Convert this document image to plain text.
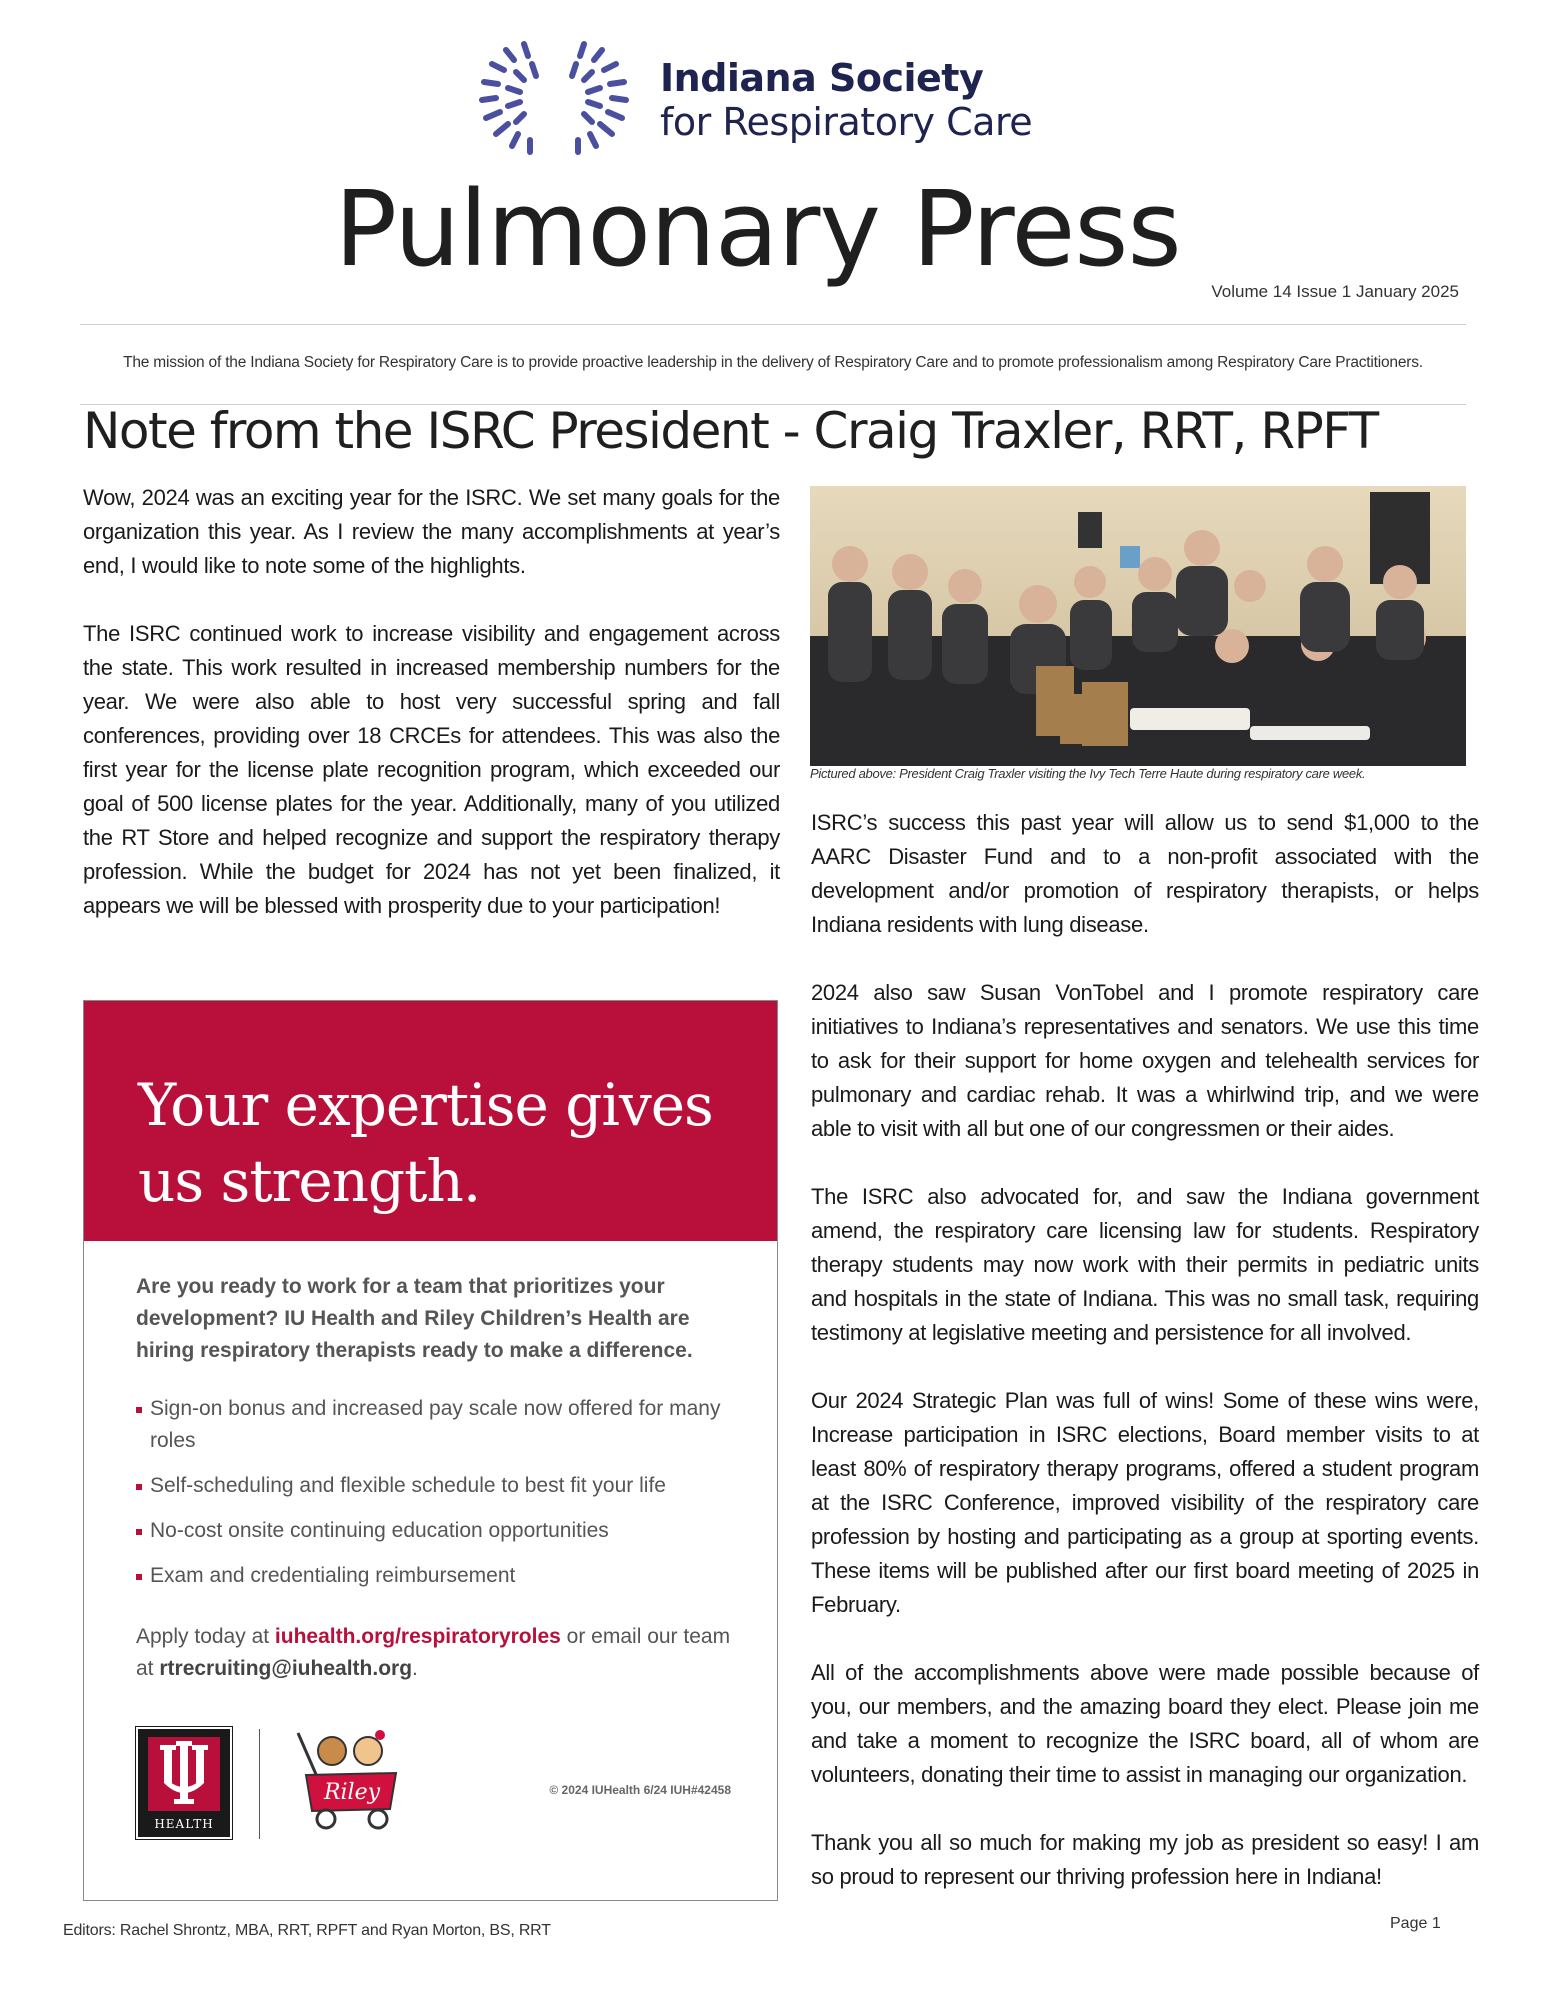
Indiana Society
for Respiratory Care
Pulmonary Press
Volume 14 Issue 1 January 2025
The mission of the Indiana Society for Respiratory Care is to provide proactive leadership in the delivery of Respiratory Care and to promote professionalism among Respiratory Care Practitioners.
Note from the ISRC President - Craig Traxler, RRT, RPFT

Wow, 2024 was an exciting year for the ISRC. We set many goals for the organization this year. As I review the many accomplishments at year’s end, I would like to note some of the highlights.

The ISRC continued work to increase visibility and engagement across the state. This work resulted in increased membership numbers for the year. We were also able to host very successful spring and fall conferences, providing over 18 CRCEs for attendees. This was also the first year for the license plate recognition program, which exceeded our goal of 500 license plates for the year. Additionally, many of you utilized the RT Store and helped recognize and support the respiratory therapy profession. While the budget for 2024 has not yet been finalized, it appears we will be blessed with prosperity due to your participation!

Pictured above: President Craig Traxler visiting the Ivy Tech Terre Haute during respiratory care week.

ISRC’s success this past year will allow us to send $1,000 to the AARC Disaster Fund and to a non-profit associated with the development and/or promotion of respiratory therapists, or helps Indiana residents with lung disease.

2024 also saw Susan VonTobel and I promote respiratory care initiatives to Indiana’s representatives and senators. We use this time to ask for their support for home oxygen and telehealth services for pulmonary and cardiac rehab. It was a whirlwind trip, and we were able to visit with all but one of our congressmen or their aides.

The ISRC also advocated for, and saw the Indiana government amend, the respiratory care licensing law for students. Respiratory therapy students may now work with their permits in pediatric units and hospitals in the state of Indiana. This was no small task, requiring testimony at legislative meeting and persistence for all involved.

Our 2024 Strategic Plan was full of wins! Some of these wins were, Increase participation in ISRC elections, Board member visits to at least 80% of respiratory therapy programs, offered a student program at the ISRC Conference, improved visibility of the respiratory care profession by hosting and participating as a group at sporting events. These items will be published after our first board meeting of 2025 in February.

All of the accomplishments above were made possible because of you, our members, and the amazing board they elect. Please join me and take a moment to recognize the ISRC board, all of whom are volunteers, donating their time to assist in managing our organization.

Thank you all so much for making my job as president so easy! I am so proud to represent our thriving profession here in Indiana!

Your expertise gives
us strength.
Are you ready to work for a team that prioritizes your development? IU Health and Riley Children’s Health are hiring respiratory therapists ready to make a difference.
Sign-on bonus and increased pay scale now offered for many roles
Self-scheduling and flexible schedule to best fit your life
No-cost onsite continuing education opportunities
Exam and credentialing reimbursement
Apply today at iuhealth.org/respiratoryroles or email our team at rtrecruiting@iuhealth.org.
HEALTH
Riley	© 2024 IUHealth 6/24 IUH#42458
Editors: Rachel Shrontz, MBA, RRT, RPFT and Ryan Morton, BS, RRT	Page 1
